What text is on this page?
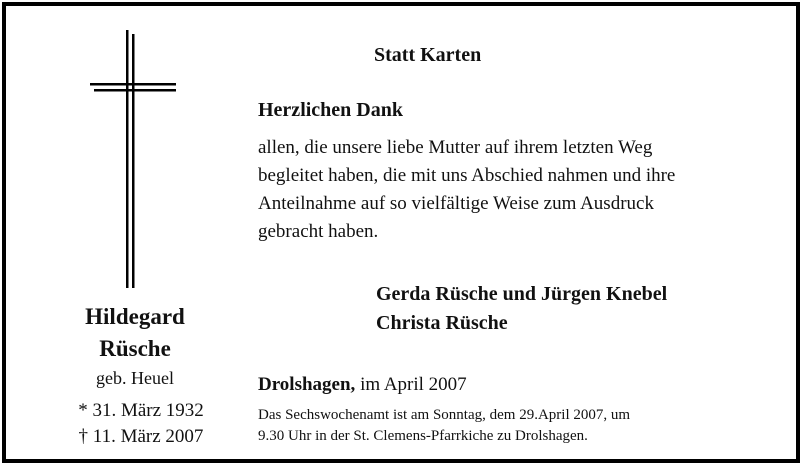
Hildegard
Rüsche
geb. Heuel
* 31. März 1932
† 11. März 2007
Statt Karten
Herzlichen Dank
allen, die unsere liebe Mutter auf ihrem letzten Weg
begleitet haben, die mit uns Abschied nahmen und ihre
Anteilnahme auf so vielfältige Weise zum Ausdruck
gebracht haben.
Gerda Rüsche und Jürgen Knebel
Christa Rüsche
Drolshagen, im April 2007
Das Sechswochenamt ist am Sonntag, dem 29.April 2007, um
9.30 Uhr in der St. Clemens-Pfarrkiche zu Drolshagen.
